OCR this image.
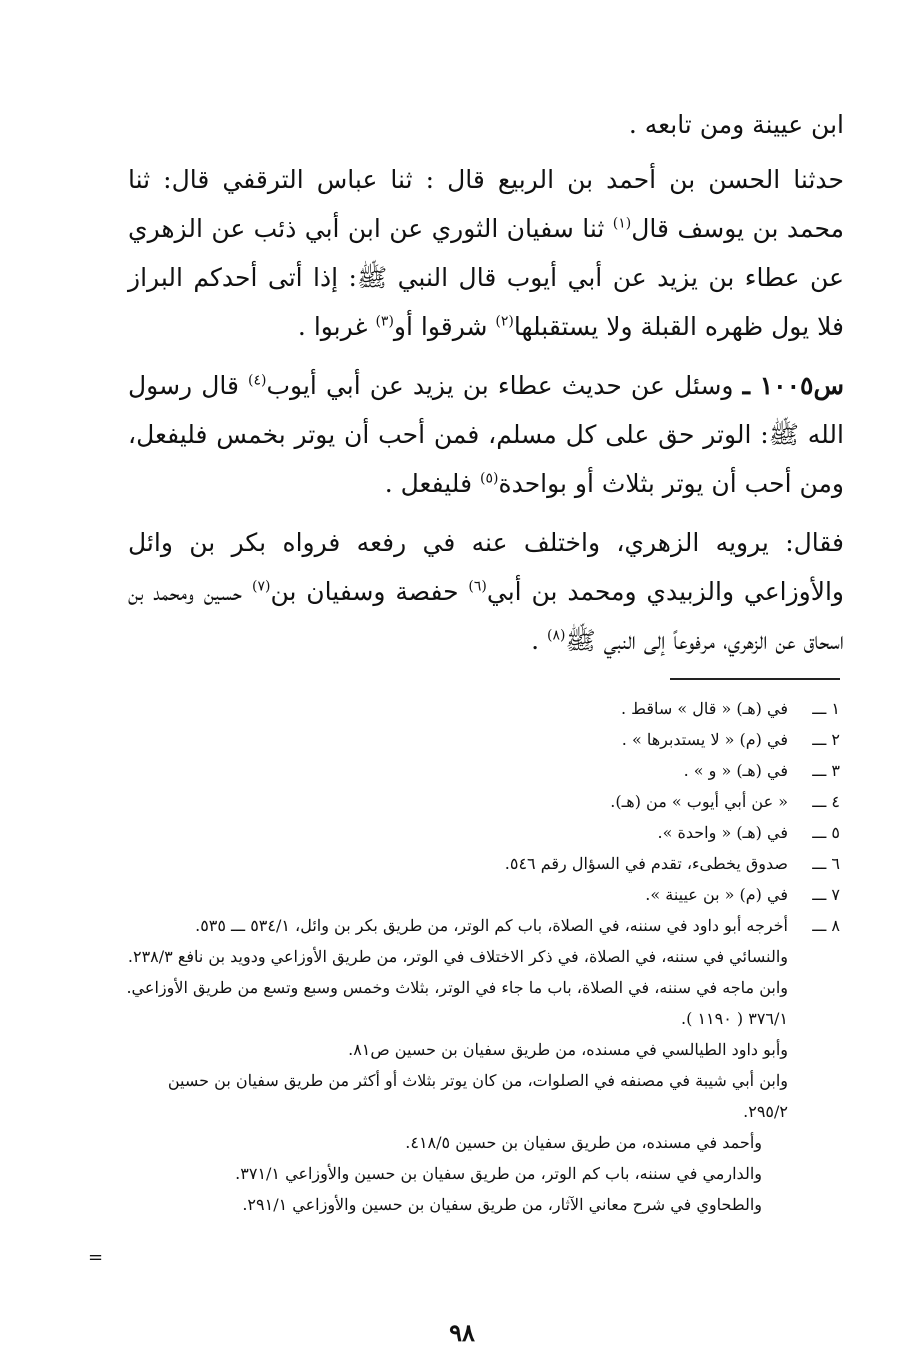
ابن عيينة ومن تابعه .

حدثنا الحسن بن أحمد بن الربيع قال : ثنا عباس الترقفي قال: ثنا محمد بن يوسف قال$^{(١)}$ ثنا سفيان الثوري عن ابن أبي ذئب عن الزهري عن عطاء بن يزيد عن أبي أيوب قال النبي ﷺ: إذا أتى أحدكم البراز فلا يول ظهره القبلة ولا يستقبلها$^{(٢)}$ شرقوا أو$^{(٣)}$ غربوا .

س١٠٠٥ ـ وسئل عن حديث عطاء بن يزيد عن أبي أيوب$^{(٤)}$ قال رسول الله ﷺ: الوتر حق على كل مسلم، فمن أحب أن يوتر بخمس فليفعل، ومن أحب أن يوتر بثلاث أو بواحدة$^{(٥)}$ فليفعل .

فقال: يرويه الزهري، واختلف عنه في رفعه فرواه بكر بن وائل والأوزاعي والزبيدي ومحمد بن أبي$^{(٦)}$ حفصة وسفيان بن$^{(٧)}$ حسين ومحمد بن اسحاق عن الزهري، مرفوعاً إلى النبي ﷺ$^{(٨)}$ .

١ ـــ
في (هـ) « قال » ساقط .
٢ ـــ
في (م) « لا يستدبرها » .
٣ ـــ
في (هـ) « و » .
٤ ـــ
« عن أبي أيوب » من (هـ).
٥ ـــ
في (هـ) « واحدة ».
٦ ـــ
صدوق يخطىء، تقدم في السؤال رقم ٥٤٦.
٧ ـــ
في (م) « بن عيينة ».
٨ ـــ
أخرجه أبو داود في سننه، في الصلاة، باب كم الوتر، من طريق بكر بن وائل، ٥٣٤/١ ـــ ٥٣٥.
والنسائي في سننه، في الصلاة، في ذكر الاختلاف في الوتر، من طريق الأوزاعي ودويد بن نافع ٢٣٨/٣.
وابن ماجه في سننه، في الصلاة، باب ما جاء في الوتر، بثلاث وخمس وسبع وتسع من طريق الأوزاعي. ٣٧٦/١ ( ١١٩٠ ).
وأبو داود الطيالسي في مسنده، من طريق سفيان بن حسين ص٨١.
وابن أبي شيبة في مصنفه في الصلوات، من كان يوتر بثلاث أو أكثر من طريق سفيان بن حسين ٢٩٥/٢.
وأحمد في مسنده، من طريق سفيان بن حسين ٤١٨/٥.
والدارمي في سننه، باب كم الوتر، من طريق سفيان بن حسين والأوزاعي ٣٧١/١.
والطحاوي في شرح معاني الآثار، من طريق سفيان بن حسين والأوزاعي ٢٩١/١.
=
٩٨
